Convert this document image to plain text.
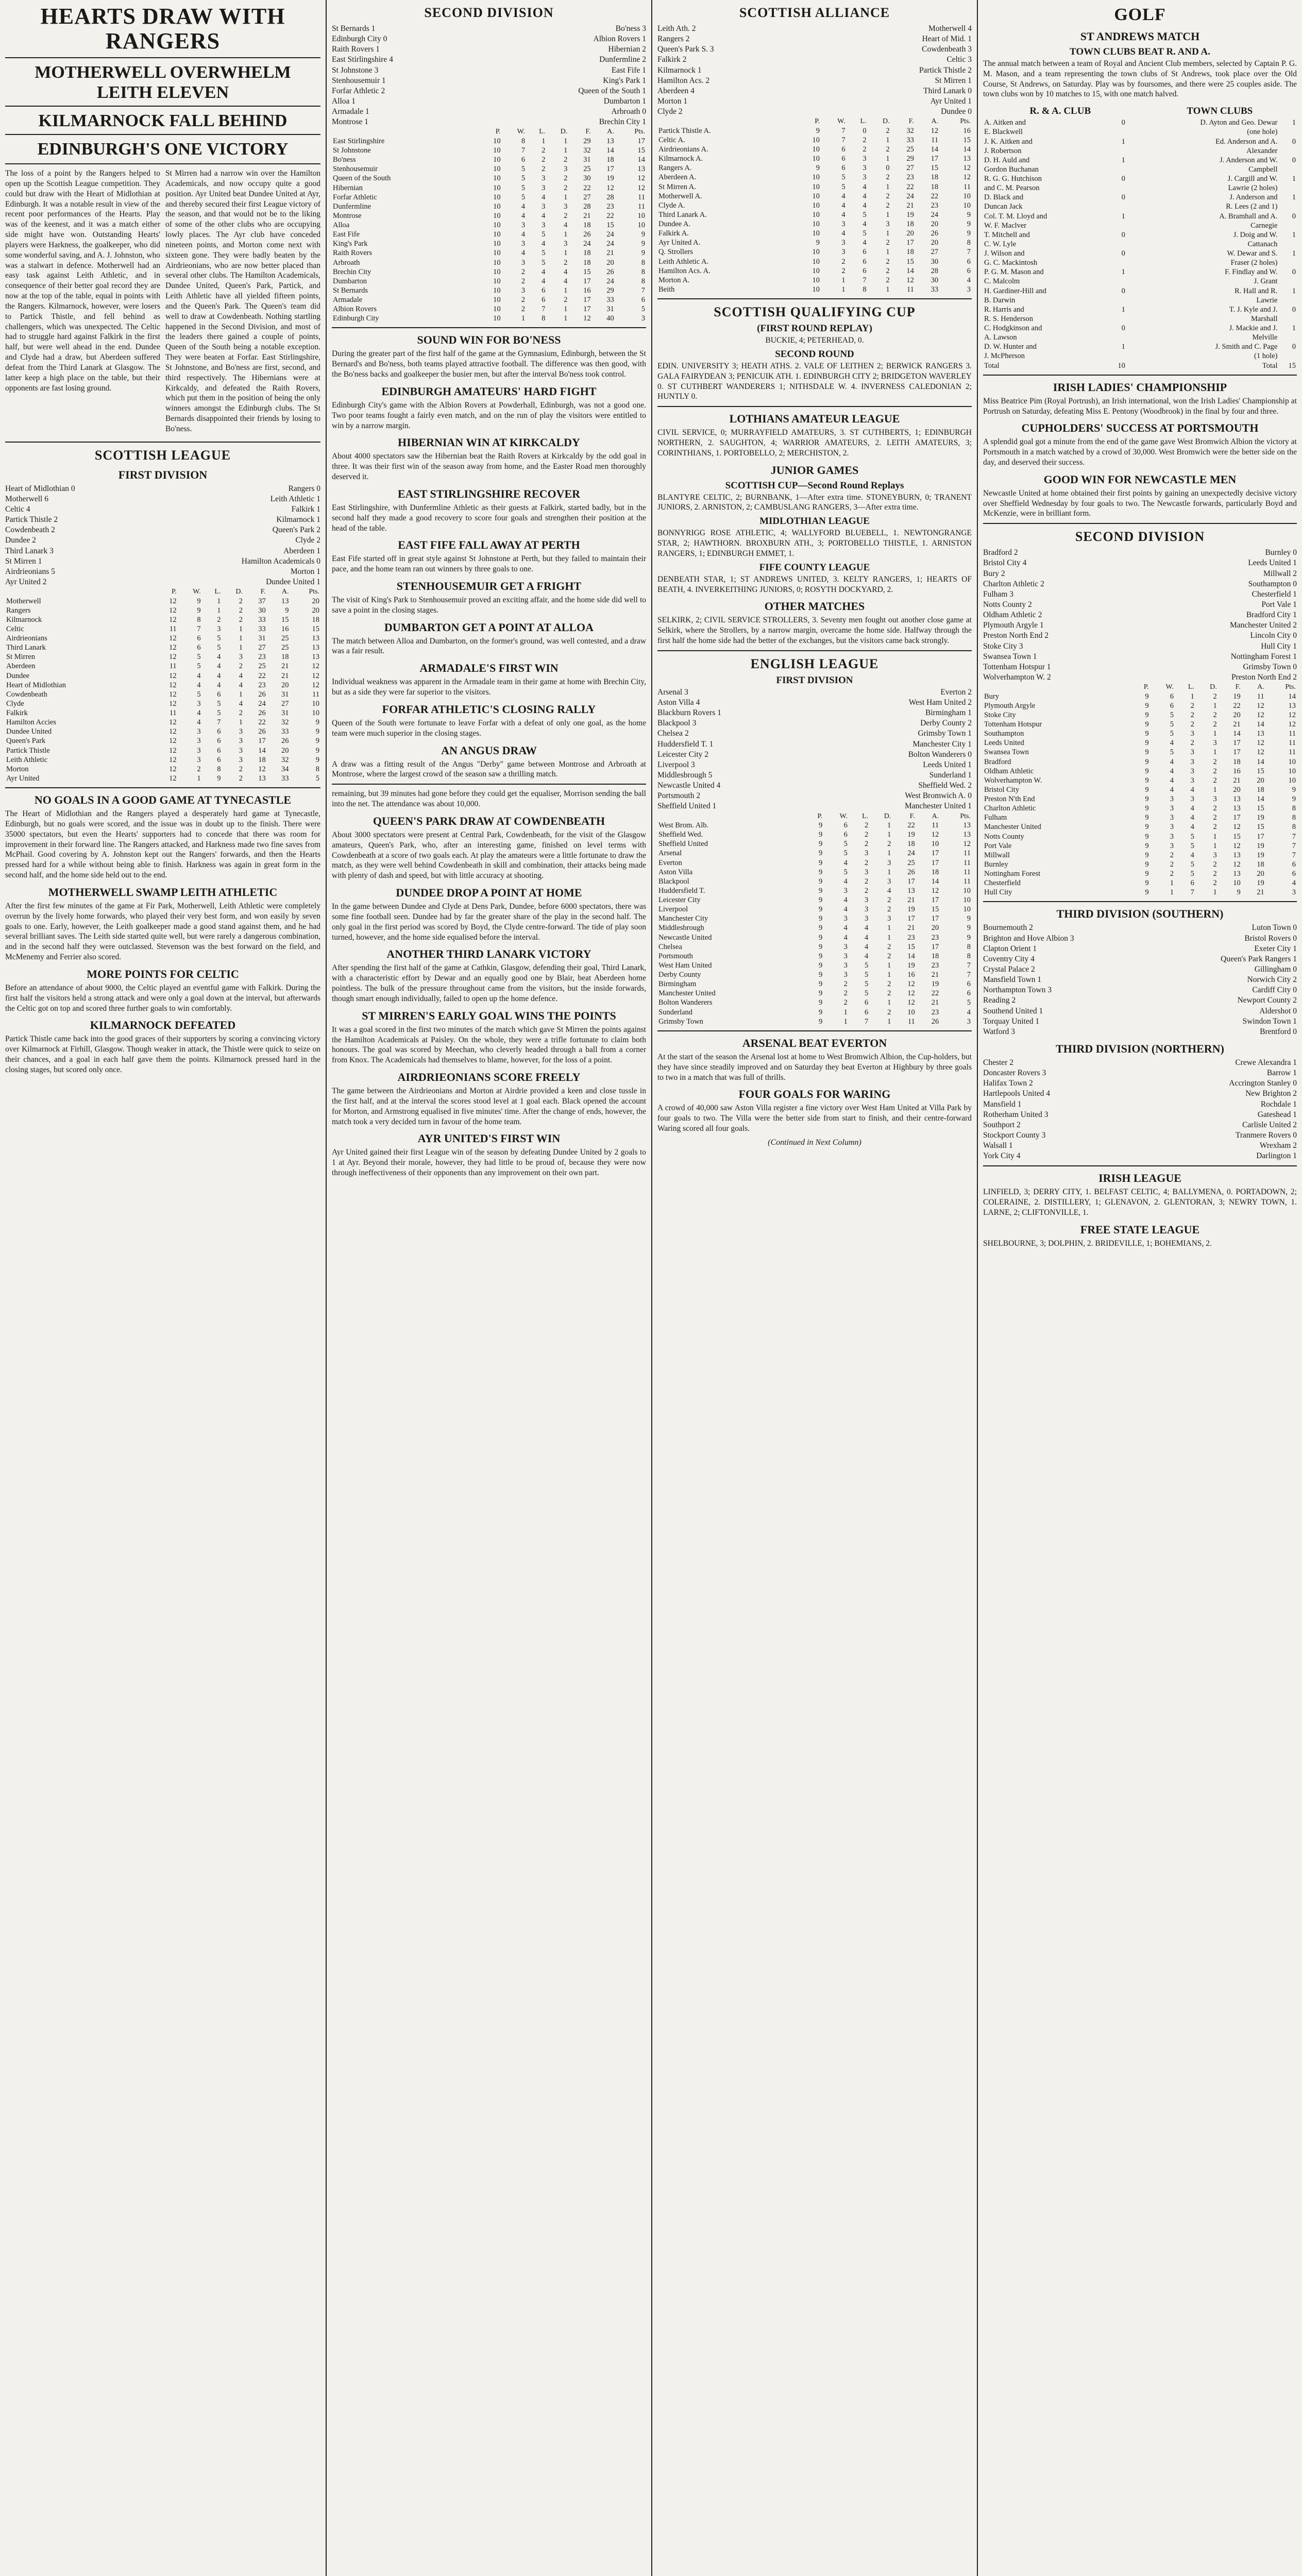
HEARTS DRAW WITH RANGERS
MOTHERWELL OVERWHELM LEITH ELEVEN
KILMARNOCK FALL BEHIND
EDINBURGH'S ONE VICTORY

The loss of a point by the Rangers helped to open up the Scottish League competition. They could but draw with the Heart of Midlothian at Edinburgh. It was a notable result in view of the recent poor performances of the Hearts. Play was of the keenest, and it was a match either side might have won. Outstanding Hearts' players were Harkness, the goalkeeper, who did some wonderful saving, and A. J. Johnston, who was a stalwart in defence. Motherwell had an easy task against Leith Athletic, and in consequence of their better goal record they are now at the top of the table, equal in points with the Rangers. Kilmarnock, however, were losers to Partick Thistle, and fell behind as challengers, which was unexpected. The Celtic had to struggle hard against Falkirk in the first half, but were well ahead in the end. Dundee and Clyde had a draw, but Aberdeen suffered defeat from the Third Lanark at Glasgow. The latter keep a high place on the table, but their opponents are fast losing ground.

St Mirren had a narrow win over the Hamilton Academicals, and now occupy quite a good position. Ayr United beat Dundee United at Ayr, and thereby secured their first League victory of the season, and that would not be to the liking of some of the other clubs who are occupying lowly places. The Ayr club have conceded nineteen points, and Morton come next with sixteen gone. They were badly beaten by the Airdrieonians, who are now better placed than several other clubs. The Hamilton Academicals, Dundee United, Queen's Park, Partick, and Leith Athletic have all yielded fifteen points, and the Queen's Park. The Queen's team did well to draw at Cowdenbeath. Nothing startling happened in the Second Division, and most of the leaders there gained a couple of points, Queen of the South being a notable exception. They were beaten at Forfar. East Stirlingshire, St Johnstone, and Bo'ness are first, second, and third respectively. The Hibernians were at Kirkcaldy, and defeated the Raith Rovers, which put them in the position of being the only winners amongst the Edinburgh clubs. The St Bernards disappointed their friends by losing to Bo'ness.

SCOTTISH LEAGUE
FIRST DIVISION
Heart of Midlothian 0	Rangers 0
Motherwell 6	Leith Athletic 1
Celtic 4	Falkirk 1
Partick Thistle 2	Kilmarnock 1
Cowdenbeath 2	Queen's Park 2
Dundee 2	Clyde 2
Third Lanark 3	Aberdeen 1
St Mirren 1	Hamilton Academicals 0
Airdrieonians 5	Morton 1
Ayr United 2	Dundee United 1
	P.	W.	L.	D.	F.	A.	Pts.
Motherwell	12	9	1	2	37	13	20
Rangers	12	9	1	2	30	9	20
Kilmarnock	12	8	2	2	33	15	18
Celtic	11	7	3	1	33	16	15
Airdrieonians	12	6	5	1	31	25	13
Third Lanark	12	6	5	1	27	25	13
St Mirren	12	5	4	3	23	18	13
Aberdeen	11	5	4	2	25	21	12
Dundee	12	4	4	4	22	21	12
Heart of Midlothian	12	4	4	4	23	20	12
Cowdenbeath	12	5	6	1	26	31	11
Clyde	12	3	5	4	24	27	10
Falkirk	11	4	5	2	26	31	10
Hamilton Accies	12	4	7	1	22	32	9
Dundee United	12	3	6	3	26	33	9
Queen's Park	12	3	6	3	17	26	9
Partick Thistle	12	3	6	3	14	20	9
Leith Athletic	12	3	6	3	18	32	9
Morton	12	2	8	2	12	34	8
Ayr United	12	1	9	2	13	33	5
NO GOALS IN A GOOD GAME AT TYNECASTLE

The Heart of Midlothian and the Rangers played a desperately hard game at Tynecastle, Edinburgh, but no goals were scored, and the issue was in doubt up to the finish. There were 35000 spectators, but even the Hearts' supporters had to concede that there was room for improvement in their forward line. The Rangers attacked, and Harkness made two fine saves from McPhail. Good covering by A. Johnston kept out the Rangers' forwards, and then the Hearts pressed hard for a while without being able to finish. Harkness was again in great form in the second half, and the home side held out to the end.

MOTHERWELL SWAMP LEITH ATHLETIC

After the first few minutes of the game at Fir Park, Motherwell, Leith Athletic were completely overrun by the lively home forwards, who played their very best form, and won easily by seven goals to one. Early, however, the Leith goalkeeper made a good stand against them, and he had several brilliant saves. The Leith side started quite well, but were rarely a dangerous combination, and in the second half they were outclassed. Stevenson was the best forward on the field, and McMenemy and Ferrier also scored.

MORE POINTS FOR CELTIC

Before an attendance of about 9000, the Celtic played an eventful game with Falkirk. During the first half the visitors held a strong attack and were only a goal down at the interval, but afterwards the Celtic got on top and scored three further goals to win comfortably.

KILMARNOCK DEFEATED

Partick Thistle came back into the good graces of their supporters by scoring a convincing victory over Kilmarnock at Firhill, Glasgow. Though weaker in attack, the Thistle were quick to seize on their chances, and a goal in each half gave them the points. Kilmarnock pressed hard in the closing stages, but scored only once.

SECOND DIVISION
St Bernards 1	Bo'ness 3
Edinburgh City 0	Albion Rovers 1
Raith Rovers 1	Hibernian 2
East Stirlingshire 4	Dunfermline 2
St Johnstone 3	East Fife 1
Stenhousemuir 1	King's Park 1
Forfar Athletic 2	Queen of the South 1
Alloa 1	Dumbarton 1
Armadale 1	Arbroath 0
Montrose 1	Brechin City 1
	P.	W.	L.	D.	F.	A.	Pts.
East Stirlingshire	10	8	1	1	29	13	17
St Johnstone	10	7	2	1	32	14	15
Bo'ness	10	6	2	2	31	18	14
Stenhousemuir	10	5	2	3	25	17	13
Queen of the South	10	5	3	2	30	19	12
Hibernian	10	5	3	2	22	12	12
Forfar Athletic	10	5	4	1	27	28	11
Dunfermline	10	4	3	3	28	23	11
Montrose	10	4	4	2	21	22	10
Alloa	10	3	3	4	18	15	10
East Fife	10	4	5	1	26	24	9
King's Park	10	3	4	3	24	24	9
Raith Rovers	10	4	5	1	18	21	9
Arbroath	10	3	5	2	18	20	8
Brechin City	10	2	4	4	15	26	8
Dumbarton	10	2	4	4	17	24	8
St Bernards	10	3	6	1	16	29	7
Armadale	10	2	6	2	17	33	6
Albion Rovers	10	2	7	1	17	31	5
Edinburgh City	10	1	8	1	12	40	3
SOUND WIN FOR BO'NESS

During the greater part of the first half of the game at the Gymnasium, Edinburgh, between the St Bernard's and Bo'ness, both teams played attractive football. The difference was then good, with the Bo'ness backs and goalkeeper the busier men, but after the interval Bo'ness took control.

EDINBURGH AMATEURS' HARD FIGHT

Edinburgh City's game with the Albion Rovers at Powderhall, Edinburgh, was not a good one. Two poor teams fought a fairly even match, and on the run of play the visitors were entitled to win by a narrow margin.

HIBERNIAN WIN AT KIRKCALDY

About 4000 spectators saw the Hibernian beat the Raith Rovers at Kirkcaldy by the odd goal in three. It was their first win of the season away from home, and the Easter Road men thoroughly deserved it.

EAST STIRLINGSHIRE RECOVER

East Stirlingshire, with Dunfermline Athletic as their guests at Falkirk, started badly, but in the second half they made a good recovery to score four goals and strengthen their position at the head of the table.

EAST FIFE FALL AWAY AT PERTH

East Fife started off in great style against St Johnstone at Perth, but they failed to maintain their pace, and the home team ran out winners by three goals to one.

STENHOUSEMUIR GET A FRIGHT

The visit of King's Park to Stenhousemuir proved an exciting affair, and the home side did well to save a point in the closing stages.

DUMBARTON GET A POINT AT ALLOA

The match between Alloa and Dumbarton, on the former's ground, was well contested, and a draw was a fair result.

ARMADALE'S FIRST WIN

Individual weakness was apparent in the Armadale team in their game at home with Brechin City, but as a side they were far superior to the visitors.

FORFAR ATHLETIC'S CLOSING RALLY

Queen of the South were fortunate to leave Forfar with a defeat of only one goal, as the home team were much superior in the closing stages.

AN ANGUS DRAW

A draw was a fitting result of the Angus "Derby" game between Montrose and Arbroath at Montrose, where the largest crowd of the season saw a thrilling match.

remaining, but 39 minutes had gone before they could get the equaliser, Morrison sending the ball into the net. The attendance was about 10,000.

QUEEN'S PARK DRAW AT COWDENBEATH

About 3000 spectators were present at Central Park, Cowdenbeath, for the visit of the Glasgow amateurs, Queen's Park, who, after an interesting game, finished on level terms with Cowdenbeath at a score of two goals each. At play the amateurs were a little fortunate to draw the match, as they were well behind Cowdenbeath in skill and combination, their attacks being made with plenty of dash and speed, but with little accuracy at shooting.

DUNDEE DROP A POINT AT HOME

In the game between Dundee and Clyde at Dens Park, Dundee, before 6000 spectators, there was some fine football seen. Dundee had by far the greater share of the play in the second half. The only goal in the first period was scored by Boyd, the Clyde centre-forward. The tide of play soon turned, however, and the home side equalised before the interval.

ANOTHER THIRD LANARK VICTORY

After spending the first half of the game at Cathkin, Glasgow, defending their goal, Third Lanark, with a characteristic effort by Dewar and an equally good one by Blair, beat Aberdeen home pointless. The bulk of the pressure throughout came from the visitors, but the inside forwards, though smart enough individually, failed to open up the home defence.

ST MIRREN'S EARLY GOAL WINS THE POINTS

It was a goal scored in the first two minutes of the match which gave St Mirren the points against the Hamilton Academicals at Paisley. On the whole, they were a trifle fortunate to claim both honours. The goal was scored by Meechan, who cleverly headed through a ball from a corner from Knox. The Academicals had themselves to blame, however, for the loss of a point.

AIRDRIEONIANS SCORE FREELY

The game between the Airdrieonians and Morton at Airdrie provided a keen and close tussle in the first half, and at the interval the scores stood level at 1 goal each. Black opened the account for Morton, and Armstrong equalised in five minutes' time. After the change of ends, however, the match took a very decided turn in favour of the home team.

AYR UNITED'S FIRST WIN

Ayr United gained their first League win of the season by defeating Dundee United by 2 goals to 1 at Ayr. Beyond their morale, however, they had little to be proud of, because they were now through ineffectiveness of their opponents than any improvement on their own part.

SCOTTISH ALLIANCE
Leith Ath. 2	Motherwell 4
Rangers 2	Heart of Mid. 1
Queen's Park S. 3	Cowdenbeath 3
Falkirk 2	Celtic 3
Kilmarnock 1	Partick Thistle 2
Hamilton Acs. 2	St Mirren 1
Aberdeen 4	Third Lanark 0
Morton 1	Ayr United 1
Clyde 2	Dundee 0
	P.	W.	L.	D.	F.	A.	Pts.
Partick Thistle A.	9	7	0	2	32	12	16
Celtic A.	10	7	2	1	33	11	15
Airdrieonians A.	10	6	2	2	25	14	14
Kilmarnock A.	10	6	3	1	29	17	13
Rangers A.	9	6	3	0	27	15	12
Aberdeen A.	10	5	3	2	23	18	12
St Mirren A.	10	5	4	1	22	18	11
Motherwell A.	10	4	4	2	24	22	10
Clyde A.	10	4	4	2	21	23	10
Third Lanark A.	10	4	5	1	19	24	9
Dundee A.	10	3	4	3	18	20	9
Falkirk A.	10	4	5	1	20	26	9
Ayr United A.	9	3	4	2	17	20	8
Q. Strollers	10	3	6	1	18	27	7
Leith Athletic A.	10	2	6	2	15	30	6
Hamilton Acs. A.	10	2	6	2	14	28	6
Morton A.	10	1	7	2	12	30	4
Beith	10	1	8	1	11	33	3
SCOTTISH QUALIFYING CUP
(FIRST ROUND REPLAY)

BUCKIE, 4; PETERHEAD, 0.

SECOND ROUND

EDIN. UNIVERSITY 3; HEATH ATHS. 2. VALE OF LEITHEN 2; BERWICK RANGERS 3. GALA FAIRYDEAN 3; PENICUIK ATH. 1. EDINBURGH CITY 2; BRIDGETON WAVERLEY 0. ST CUTHBERT WANDERERS 1; NITHSDALE W. 4. INVERNESS CALEDONIAN 2; HUNTLY 0.

LOTHIANS AMATEUR LEAGUE

CIVIL SERVICE, 0; MURRAYFIELD AMATEURS, 3. ST CUTHBERTS, 1; EDINBURGH NORTHERN, 2. SAUGHTON, 4; WARRIOR AMATEURS, 2. LEITH AMATEURS, 3; CORINTHIANS, 1. PORTOBELLO, 2; MERCHISTON, 2.

JUNIOR GAMES
SCOTTISH CUP—Second Round Replays

BLANTYRE CELTIC, 2; BURNBANK, 1—After extra time. STONEYBURN, 0; TRANENT JUNIORS, 2. ARNISTON, 2; CAMBUSLANG RANGERS, 3—After extra time.

MIDLOTHIAN LEAGUE

BONNYRIGG ROSE ATHLETIC, 4; WALLYFORD BLUEBELL, 1. NEWTONGRANGE STAR, 2; HAWTHORN. BROXBURN ATH., 3; PORTOBELLO THISTLE, 1. ARNISTON RANGERS, 1; EDINBURGH EMMET, 1.

FIFE COUNTY LEAGUE

DENBEATH STAR, 1; ST ANDREWS UNITED, 3. KELTY RANGERS, 1; HEARTS OF BEATH, 4. INVERKEITHING JUNIORS, 0; ROSYTH DOCKYARD, 2.

OTHER MATCHES

SELKIRK, 2; CIVIL SERVICE STROLLERS, 3. Seventy men fought out another close game at Selkirk, where the Strollers, by a narrow margin, overcame the home side. Halfway through the first half the home side had the better of the exchanges, but the visitors came back strongly.

ENGLISH LEAGUE
FIRST DIVISION
Arsenal 3	Everton 2
Aston Villa 4	West Ham United 2
Blackburn Rovers 1	Birmingham 1
Blackpool 3	Derby County 2
Chelsea 2	Grimsby Town 1
Huddersfield T. 1	Manchester City 1
Leicester City 2	Bolton Wanderers 0
Liverpool 3	Leeds United 1
Middlesbrough 5	Sunderland 1
Newcastle United 4	Sheffield Wed. 2
Portsmouth 2	West Bromwich A. 0
Sheffield United 1	Manchester United 1
	P.	W.	L.	D.	F.	A.	Pts.
West Brom. Alb.	9	6	2	1	22	11	13
Sheffield Wed.	9	6	2	1	19	12	13
Sheffield United	9	5	2	2	18	10	12
Arsenal	9	5	3	1	24	17	11
Everton	9	4	2	3	25	17	11
Aston Villa	9	5	3	1	26	18	11
Blackpool	9	4	2	3	17	14	11
Huddersfield T.	9	3	2	4	13	12	10
Leicester City	9	4	3	2	21	17	10
Liverpool	9	4	3	2	19	15	10
Manchester City	9	3	3	3	17	17	9
Middlesbrough	9	4	4	1	21	20	9
Newcastle United	9	4	4	1	23	23	9
Chelsea	9	3	4	2	15	17	8
Portsmouth	9	3	4	2	14	18	8
West Ham United	9	3	5	1	19	23	7
Derby County	9	3	5	1	16	21	7
Birmingham	9	2	5	2	12	19	6
Manchester United	9	2	5	2	12	22	6
Bolton Wanderers	9	2	6	1	12	21	5
Sunderland	9	1	6	2	10	23	4
Grimsby Town	9	1	7	1	11	26	3
ARSENAL BEAT EVERTON

At the start of the season the Arsenal lost at home to West Bromwich Albion, the Cup-holders, but they have since steadily improved and on Saturday they beat Everton at Highbury by three goals to two in a match that was full of thrills.

FOUR GOALS FOR WARING

A crowd of 40,000 saw Aston Villa register a fine victory over West Ham United at Villa Park by four goals to two. The Villa were the better side from start to finish, and their centre-forward Waring scored all four goals.

(Continued in Next Column)
GOLF
ST ANDREWS MATCH
TOWN CLUBS BEAT R. AND A.

The annual match between a team of Royal and Ancient Club members, selected by Captain P. G. M. Mason, and a team representing the town clubs of St Andrews, took place over the Old Course, St Andrews, on Saturday. Play was by foursomes, and there were 25 couples aside. The town clubs won by 10 matches to 15, with one match halved.

R. & A. CLUB	TOWN CLUBS
A. Aitken and	0	D. Ayton and Geo. Dewar	1
E. Blackwell		(one hole)	
J. K. Aitken and	1	Ed. Anderson and A.	0
J. Robertson		Alexander	
D. H. Auld and	1	J. Anderson and W.	0
Gordon Buchanan		Campbell	
R. G. G. Hutchison	0	J. Cargill and W.	1
and C. M. Pearson		Lawrie (2 holes)	
D. Black and	0	J. Anderson and	1
Duncan Jack		R. Lees (2 and 1)	
Col. T. M. Lloyd and	1	A. Bramhall and A.	0
W. F. Maclver		Carnegie	
T. Mitchell and	0	J. Doig and W.	1
C. W. Lyle		Cattanach	
J. Wilson and	0	W. Dewar and S.	1
G. C. Mackintosh		Fraser (2 holes)	
P. G. M. Mason and	1	F. Findlay and W.	0
C. Malcolm		J. Grant	
H. Gardiner-Hill and	0	R. Hall and R.	1
B. Darwin		Lawrie	
R. Harris and	1	T. J. Kyle and J.	0
R. S. Henderson		Marshall	
C. Hodgkinson and	0	J. Mackie and J.	1
A. Lawson		Melville	
D. W. Hunter and	1	J. Smith and C. Page	0
J. McPherson		(1 hole)	
Total	10	Total	15
IRISH LADIES' CHAMPIONSHIP

Miss Beatrice Pim (Royal Portrush), an Irish international, won the Irish Ladies' Championship at Portrush on Saturday, defeating Miss E. Pentony (Woodbrook) in the final by four and three.

CUPHOLDERS' SUCCESS AT PORTSMOUTH

A splendid goal got a minute from the end of the game gave West Bromwich Albion the victory at Portsmouth in a match watched by a crowd of 30,000. West Bromwich were the better side on the day, and deserved their success.

GOOD WIN FOR NEWCASTLE MEN

Newcastle United at home obtained their first points by gaining an unexpectedly decisive victory over Sheffield Wednesday by four goals to two. The Newcastle forwards, particularly Boyd and McKenzie, were in brilliant form.

SECOND DIVISION
Bradford 2	Burnley 0
Bristol City 4	Leeds United 1
Bury 2	Millwall 2
Charlton Athletic 2	Southampton 0
Fulham 3	Chesterfield 1
Notts County 2	Port Vale 1
Oldham Athletic 2	Bradford City 1
Plymouth Argyle 1	Manchester United 2
Preston North End 2	Lincoln City 0
Stoke City 3	Hull City 1
Swansea Town 1	Nottingham Forest 1
Tottenham Hotspur 1	Grimsby Town 0
Wolverhampton W. 2	Preston North End 2
	P.	W.	L.	D.	F.	A.	Pts.
Bury	9	6	1	2	19	11	14
Plymouth Argyle	9	6	2	1	22	12	13
Stoke City	9	5	2	2	20	12	12
Tottenham Hotspur	9	5	2	2	21	14	12
Southampton	9	5	3	1	14	13	11
Leeds United	9	4	2	3	17	12	11
Swansea Town	9	5	3	1	17	12	11
Bradford	9	4	3	2	18	14	10
Oldham Athletic	9	4	3	2	16	15	10
Wolverhampton W.	9	4	3	2	21	20	10
Bristol City	9	4	4	1	20	18	9
Preston N'th End	9	3	3	3	13	14	9
Charlton Athletic	9	3	4	2	13	15	8
Fulham	9	3	4	2	17	19	8
Manchester United	9	3	4	2	12	15	8
Notts County	9	3	5	1	15	17	7
Port Vale	9	3	5	1	12	19	7
Millwall	9	2	4	3	13	19	7
Burnley	9	2	5	2	12	18	6
Nottingham Forest	9	2	5	2	13	20	6
Chesterfield	9	1	6	2	10	19	4
Hull City	9	1	7	1	9	21	3
THIRD DIVISION (SOUTHERN)
Bournemouth 2	Luton Town 0
Brighton and Hove Albion 3	Bristol Rovers 0
Clapton Orient 1	Exeter City 1
Coventry City 4	Queen's Park Rangers 1
Crystal Palace 2	Gillingham 0
Mansfield Town 1	Norwich City 2
Northampton Town 3	Cardiff City 0
Reading 2	Newport County 2
Southend United 1	Aldershot 0
Torquay United 1	Swindon Town 1
Watford 3	Brentford 0
THIRD DIVISION (NORTHERN)
Chester 2	Crewe Alexandra 1
Doncaster Rovers 3	Barrow 1
Halifax Town 2	Accrington Stanley 0
Hartlepools United 4	New Brighton 2
Mansfield 1	Rochdale 1
Rotherham United 3	Gateshead 1
Southport 2	Carlisle United 2
Stockport County 3	Tranmere Rovers 0
Walsall 1	Wrexham 2
York City 4	Darlington 1
IRISH LEAGUE

LINFIELD, 3; DERRY CITY, 1. BELFAST CELTIC, 4; BALLYMENA, 0. PORTADOWN, 2; COLERAINE, 2. DISTILLERY, 1; GLENAVON, 2. GLENTORAN, 3; NEWRY TOWN, 1. LARNE, 2; CLIFTONVILLE, 1.

FREE STATE LEAGUE

SHELBOURNE, 3; DOLPHIN, 2. BRIDEVILLE, 1; BOHEMIANS, 2.
